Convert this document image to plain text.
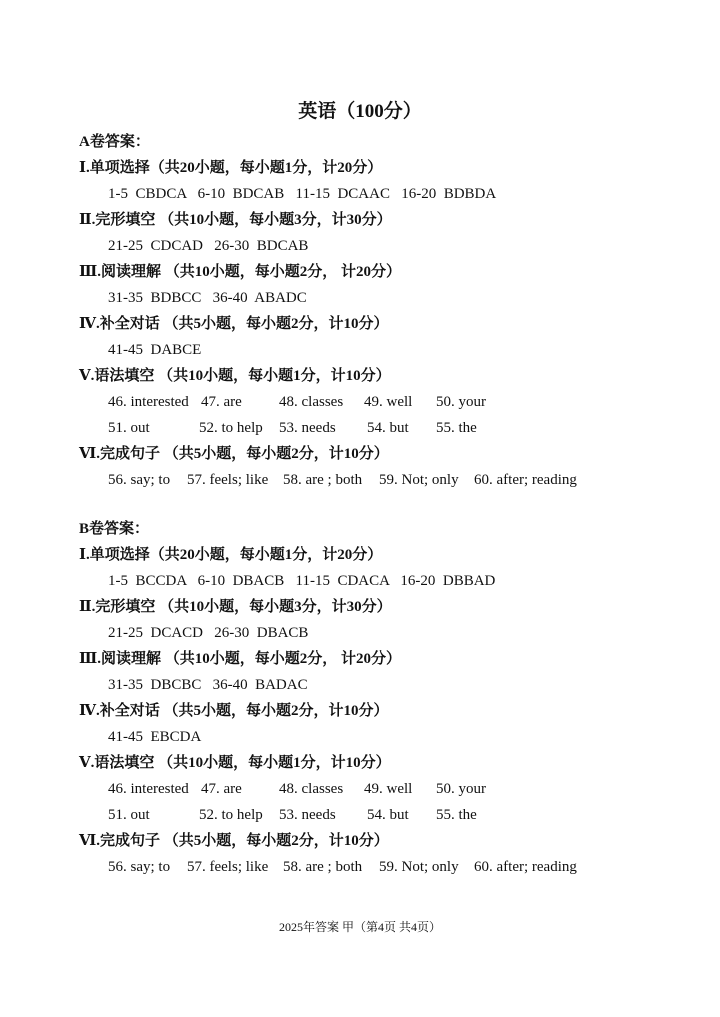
英语（100分）
A卷答案：
Ⅰ.单项选择（共20小题，每小题1分，计20分）
1-5  CBDCA   6-10  BDCAB   11-15  DCAAC   16-20  BDBDA
Ⅱ.完形填空 （共10小题，每小题3分，计30分）
21-25  CDCAD   26-30  BDCAB
Ⅲ.阅读理解 （共10小题，每小题2分， 计20分）
31-35  BDBCC   36-40  ABADC
Ⅳ.补全对话 （共5小题，每小题2分，计10分）
41-45  DABCE
Ⅴ.语法填空 （共10小题，每小题1分，计10分）
46. interested 47. are 48. classes 49. well 50. your
51. out	52. to help 53. needs 54. but 55. the
Ⅵ.完成句子 （共5小题，每小题2分，计10分）
56. say; to 57. feels; like 58. are ; both 59. Not; only 60. after; reading
B卷答案：
Ⅰ.单项选择（共20小题，每小题1分，计20分）
1-5  BCCDA   6-10  DBACB   11-15  CDACA   16-20  DBBAD
Ⅱ.完形填空 （共10小题，每小题3分，计30分）
21-25  DCACD   26-30  DBACB
Ⅲ.阅读理解 （共10小题，每小题2分， 计20分）
31-35  DBCBC   36-40  BADAC
Ⅳ.补全对话 （共5小题，每小题2分，计10分）
41-45  EBCDA
Ⅴ.语法填空 （共10小题，每小题1分，计10分）
46. interested 47. are 48. classes 49. well 50. your
51. out	52. to help 53. needs 54. but 55. the
Ⅵ.完成句子 （共5小题，每小题2分，计10分）
56. say; to 57. feels; like 58. are ; both 59. Not; only 60. after; reading
2025年答案 甲（第4页 共4页）
